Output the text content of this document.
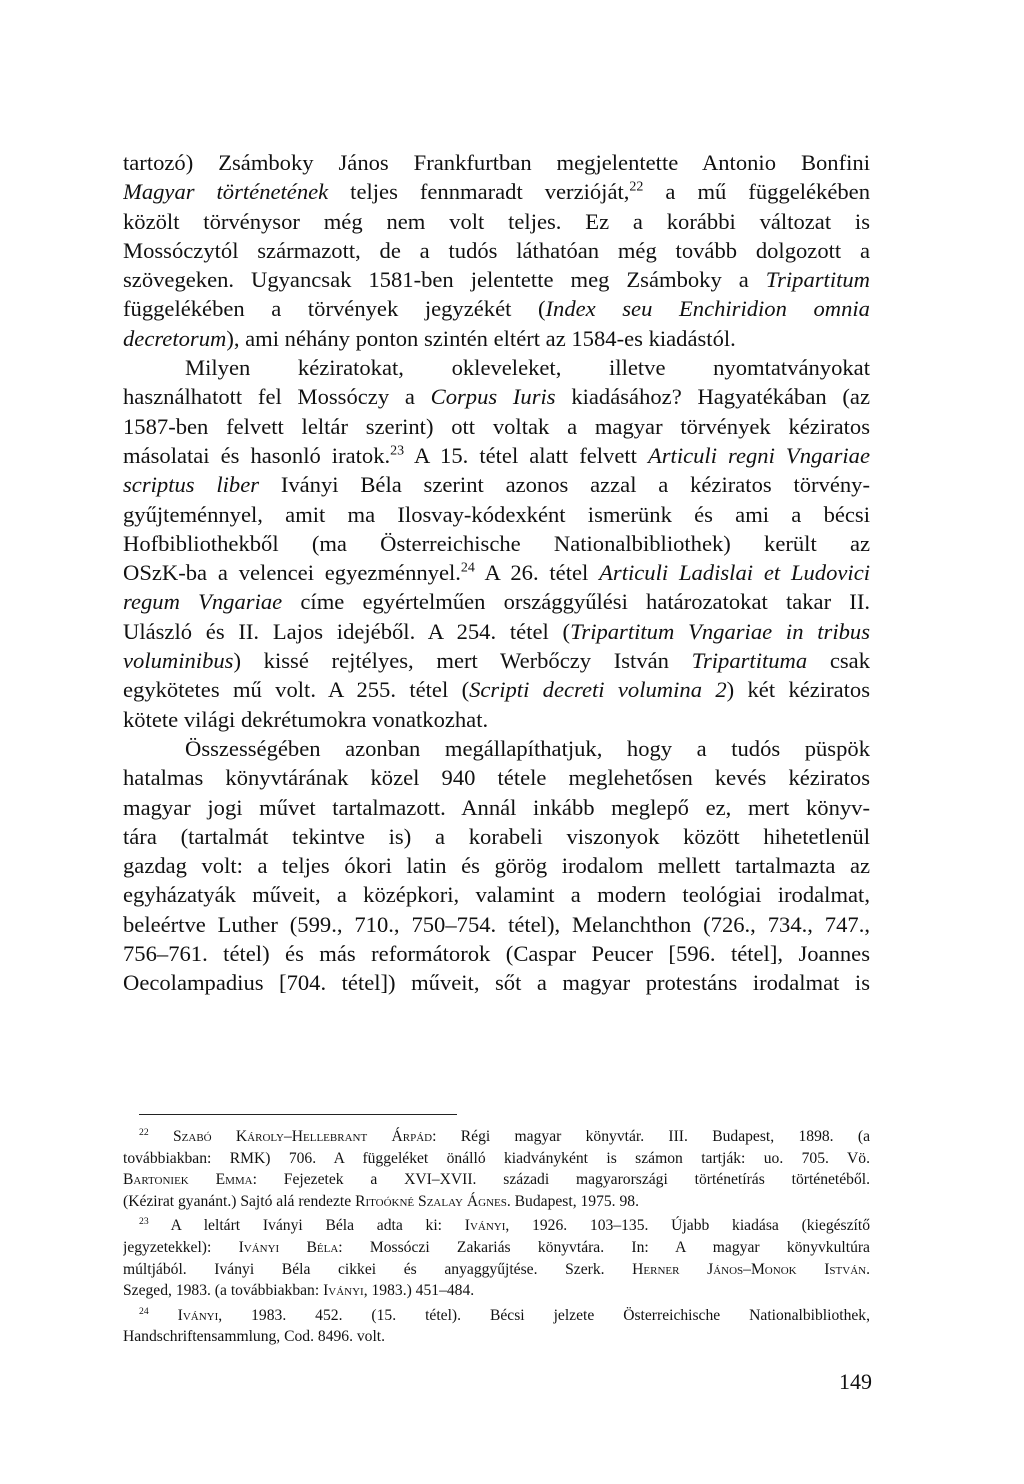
tartozó) Zsámboky János Frankfurtban megjelentette Antonio Bonfini
Magyar történetének teljes fennmaradt verzióját,$^{22}$ a mű függelékében
közölt törvénysor még nem volt teljes. Ez a korábbi változat is
Mossóczytól származott, de a tudós láthatóan még tovább dolgozott a
szövegeken. Ugyancsak 1581-ben jelentette meg Zsámboky a Tripartitum
függelékében a törvények jegyzékét (Index seu Enchiridion omnia
decretorum), ami néhány ponton szintén eltért az 1584-es kiadástól.

Milyen kéziratokat, okleveleket, illetve nyomtatványokat
használhatott fel Mossóczy a Corpus Iuris kiadásához? Hagyatékában (az
1587-ben felvett leltár szerint) ott voltak a magyar törvények kéziratos
másolatai és hasonló iratok.$^{23}$ A 15. tétel alatt felvett Articuli regni Vngariae
scriptus liber Iványi Béla szerint azonos azzal a kéziratos törvény-
gyűjteménnyel, amit ma Ilosvay-kódexként ismerünk és ami a bécsi
Hofbibliothekből (ma Österreichische Nationalbibliothek) került az
OSzK-ba a velencei egyezménnyel.$^{24}$ A 26. tétel Articuli Ladislai et Ludovici
regum Vngariae címe egyértelműen országgyűlési határozatokat takar II.
Ulászló és II. Lajos idejéből. A 254. tétel (Tripartitum Vngariae in tribus
voluminibus) kissé rejtélyes, mert Werbőczy István Tripartituma csak
egykötetes mű volt. A 255. tétel (Scripti decreti volumina 2) két kéziratos
kötete világi dekrétumokra vonatkozhat.

Összességében azonban megállapíthatjuk, hogy a tudós püspök
hatalmas könyvtárának közel 940 tétele meglehetősen kevés kéziratos
magyar jogi művet tartalmazott. Annál inkább meglepő ez, mert könyv-
tára (tartalmát tekintve is) a korabeli viszonyok között hihetetlenül
gazdag volt: a teljes ókori latin és görög irodalom mellett tartalmazta az
egyházatyák műveit, a középkori, valamint a modern teológiai irodalmat,
beleértve Luther (599., 710., 750–754. tétel), Melanchthon (726., 734., 747.,
756–761. tétel) és más reformátorok (Caspar Peucer [596. tétel], Joannes
Oecolampadius [704. tétel]) műveit, sőt a magyar protestáns irodalmat is

$^{22}$ Szabó Károly–Hellebrant Árpád: Régi magyar könyvtár. III. Budapest, 1898. (a
továbbiakban: RMK) 706. A függeléket önálló kiadványként is számon tartják: uo. 705. Vö.
Bartoniek Emma: Fejezetek a XVI–XVII. századi magyarországi történetírás történetéből.
(Kézirat gyanánt.) Sajtó alá rendezte Ritoókné Szalay Ágnes. Budapest, 1975. 98.
$^{23}$ A leltárt Iványi Béla adta ki: Iványi, 1926. 103–135. Újabb kiadása (kiegészítő
jegyzetekkel): Iványi Béla: Mossóczi Zakariás könyvtára. In: A magyar könyvkultúra
múltjából. Iványi Béla cikkei és anyaggyűjtése. Szerk. Herner János–Monok István.
Szeged, 1983. (a továbbiakban: Iványi, 1983.) 451–484.
$^{24}$ Iványi, 1983. 452. (15. tétel). Bécsi jelzete Österreichische Nationalbibliothek,
Handschriftensammlung, Cod. 8496. volt.
149
